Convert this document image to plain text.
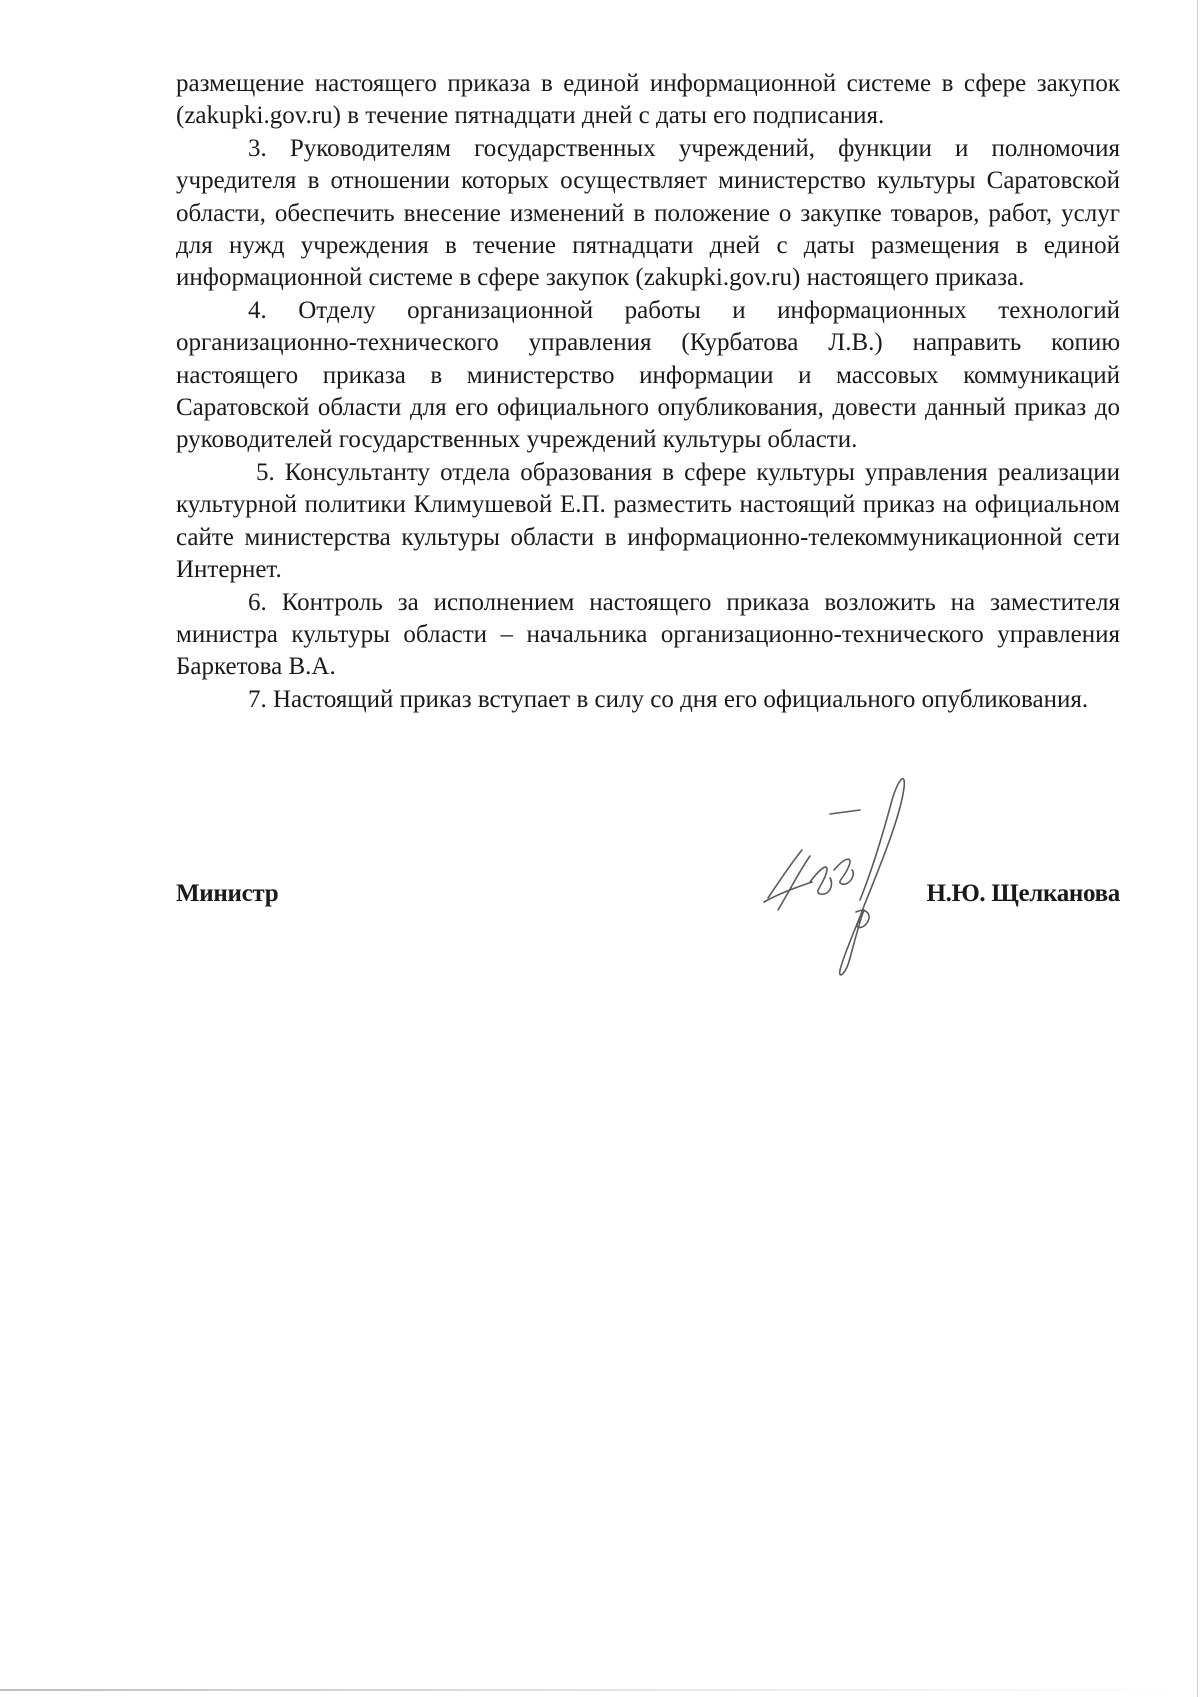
размещение настоящего приказа в единой информационной системе в сфере закупок (zakupki.gov.ru) в течение пятнадцати дней с даты его подписания.

3. Руководителям государственных учреждений, функции и полномочия учредителя в отношении которых осуществляет министерство культуры Саратовской области, обеспечить внесение изменений в положение о закупке товаров, работ, услуг для нужд учреждения в течение пятнадцати дней с даты размещения в единой информационной системе в сфере закупок (zakupki.gov.ru) настоящего приказа.

4. Отделу организационной работы и информационных технологий организационно-технического управления (Курбатова Л.В.) направить копию настоящего приказа в министерство информации и массовых коммуникаций Саратовской области для его официального опубликования, довести данный приказ до руководителей государственных учреждений культуры области.

5. Консультанту отдела образования в сфере культуры управления реализации культурной политики Климушевой Е.П. разместить настоящий приказ на официальном сайте министерства культуры области в информационно-телекоммуникационной сети Интернет.

6. Контроль за исполнением настоящего приказа возложить на заместителя министра культуры области – начальника организационно-технического управления Баркетова В.А.

7. Настоящий приказ вступает в силу со дня его официального опубликования.

Министр	Н.Ю. Щелканова
